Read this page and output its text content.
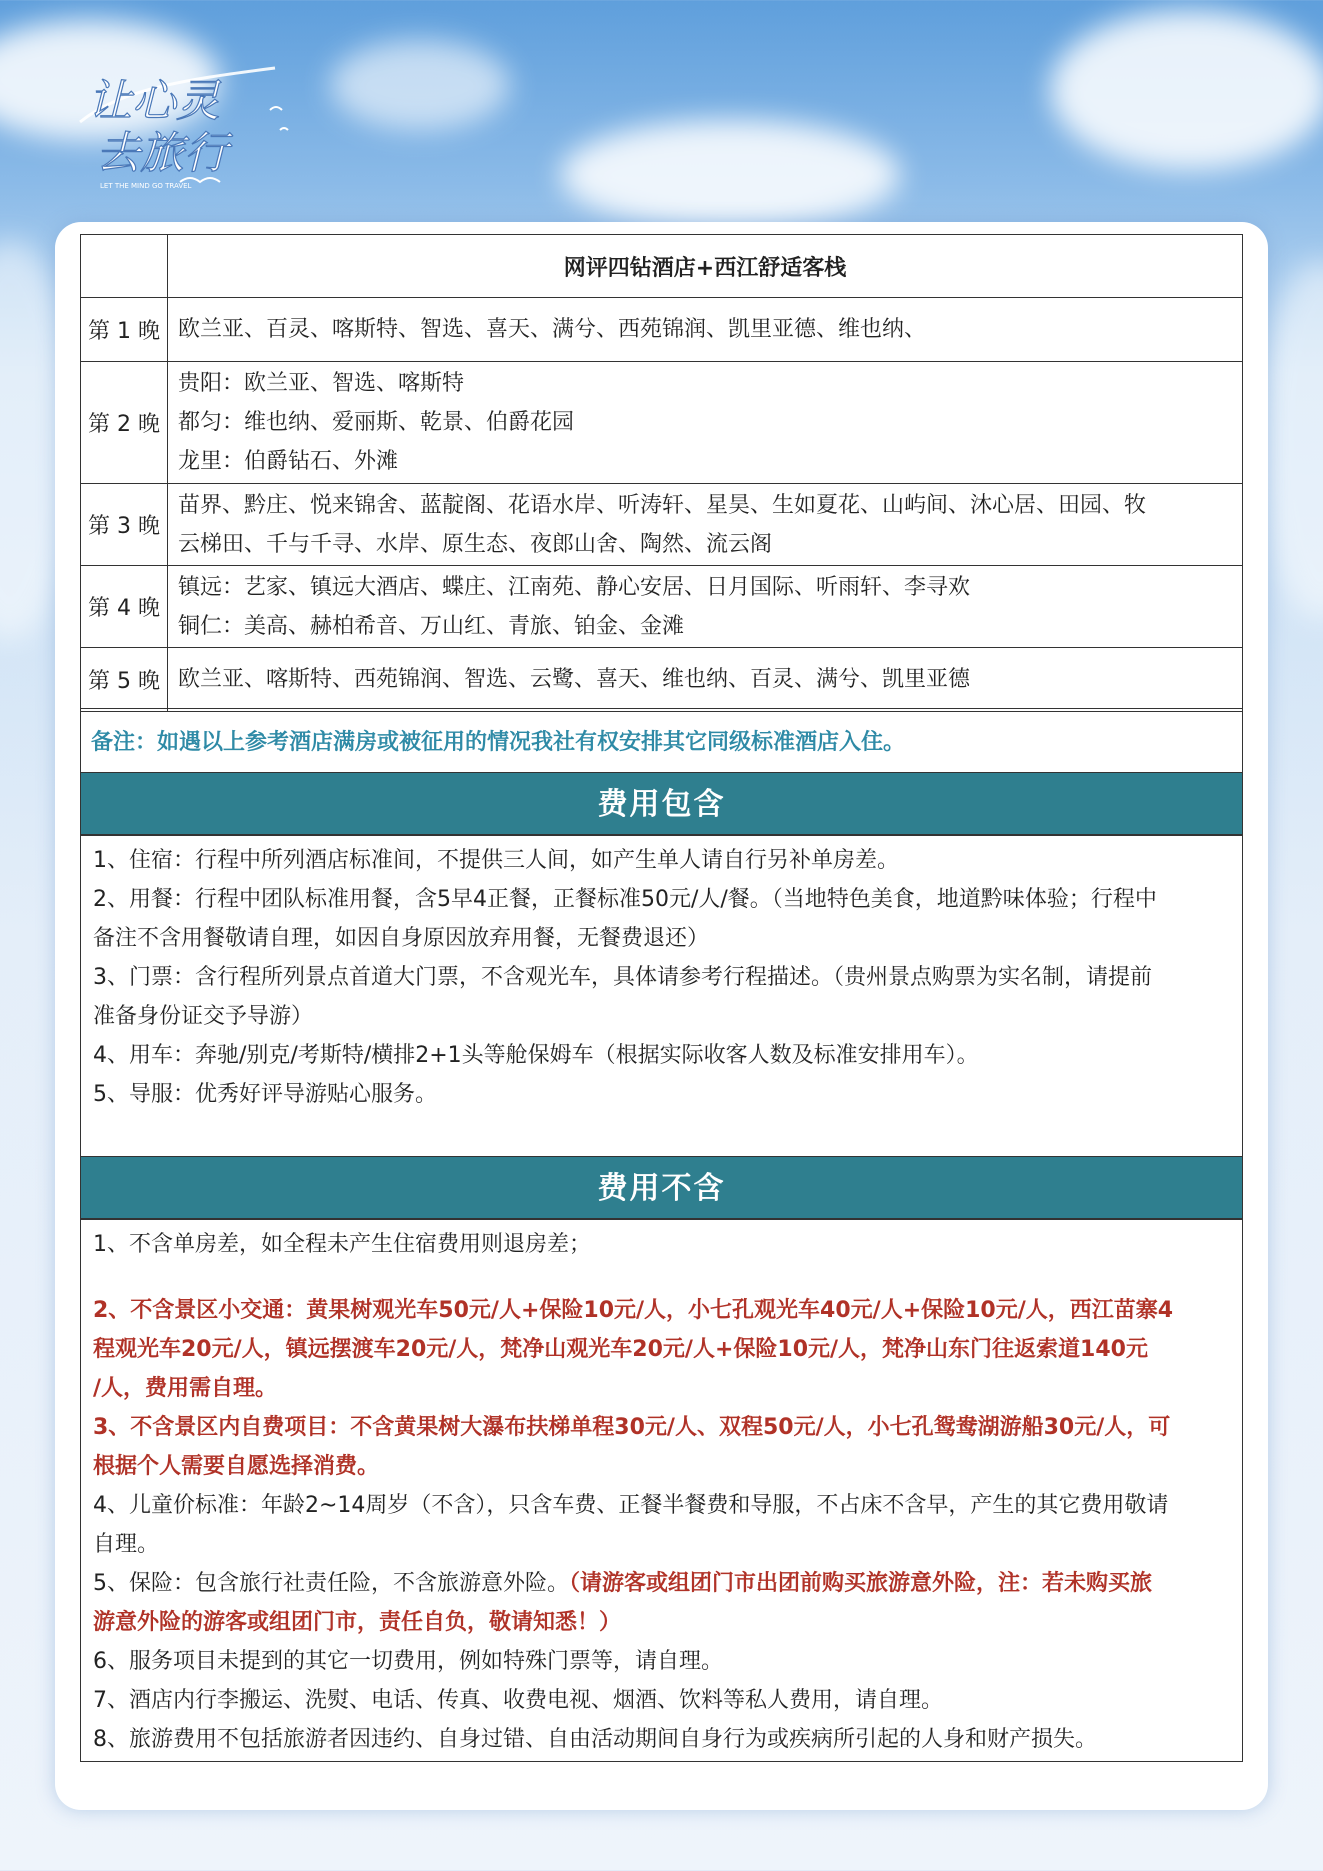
让心灵
去旅行
LET THE MIND GO TRAVEL
	网评四钻酒店+西江舒适客栈
第 1 晚	欧兰亚、百灵、喀斯特、智选、喜天、满兮、西苑锦润、凯里亚德、维也纳、

第 2 晚	贵阳：欧兰亚、智选、喀斯特
都匀：维也纳、爱丽斯、乾景、伯爵花园
龙里：伯爵钻石、外滩

第 3 晚	苗界、黔庄、悦来锦舍、蓝靛阁、花语水岸、听涛轩、星昊、生如夏花、山屿间、沐心居、田园、牧
云梯田、千与千寻、水岸、原生态、夜郎山舍、陶然、流云阁

第 4 晚	镇远：艺家、镇远大酒店、蝶庄、江南苑、静心安居、日月国际、听雨轩、李寻欢
铜仁：美高、赫柏希音、万山红、青旅、铂金、金滩

第 5 晚	欧兰亚、喀斯特、西苑锦润、智选、云鹭、喜天、维也纳、百灵、满兮、凯里亚德
备注：如遇以上参考酒店满房或被征用的情况我社有权安排其它同级标准酒店入住。
费用包含
1、住宿：行程中所列酒店标准间，不提供三人间，如产生单人请自行另补单房差。
2、用餐：行程中团队标准用餐，含5早4正餐，正餐标准50元/人/餐。（当地特色美食，地道黔味体验；行程中
备注不含用餐敬请自理，如因自身原因放弃用餐，无餐费退还）
3、门票：含行程所列景点首道大门票，不含观光车，具体请参考行程描述。（贵州景点购票为实名制，请提前
准备身份证交予导游）
4、用车：奔驰/别克/考斯特/横排2+1头等舱保姆车（根据实际收客人数及标准安排用车）。
5、导服：优秀好评导游贴心服务。
费用不含
1、不含单房差，如全程未产生住宿费用则退房差；
2、不含景区小交通：黄果树观光车50元/人+保险10元/人，小七孔观光车40元/人+保险10元/人，西江苗寨4
程观光车20元/人，镇远摆渡车20元/人，梵净山观光车20元/人+保险10元/人，梵净山东门往返索道140元
/人，费用需自理。
3、不含景区内自费项目：不含黄果树大瀑布扶梯单程30元/人、双程50元/人，小七孔鸳鸯湖游船30元/人，可
根据个人需要自愿选择消费。
4、儿童价标准：年龄2~14周岁（不含），只含车费、正餐半餐费和导服，不占床不含早，产生的其它费用敬请
自理。
5、保险：包含旅行社责任险，不含旅游意外险。（请游客或组团门市出团前购买旅游意外险，注：若未购买旅
游意外险的游客或组团门市，责任自负，敬请知悉！）
6、服务项目未提到的其它一切费用，例如特殊门票等，请自理。
7、酒店内行李搬运、洗熨、电话、传真、收费电视、烟酒、饮料等私人费用，请自理。
8、旅游费用不包括旅游者因违约、自身过错、自由活动期间自身行为或疾病所引起的人身和财产损失。
